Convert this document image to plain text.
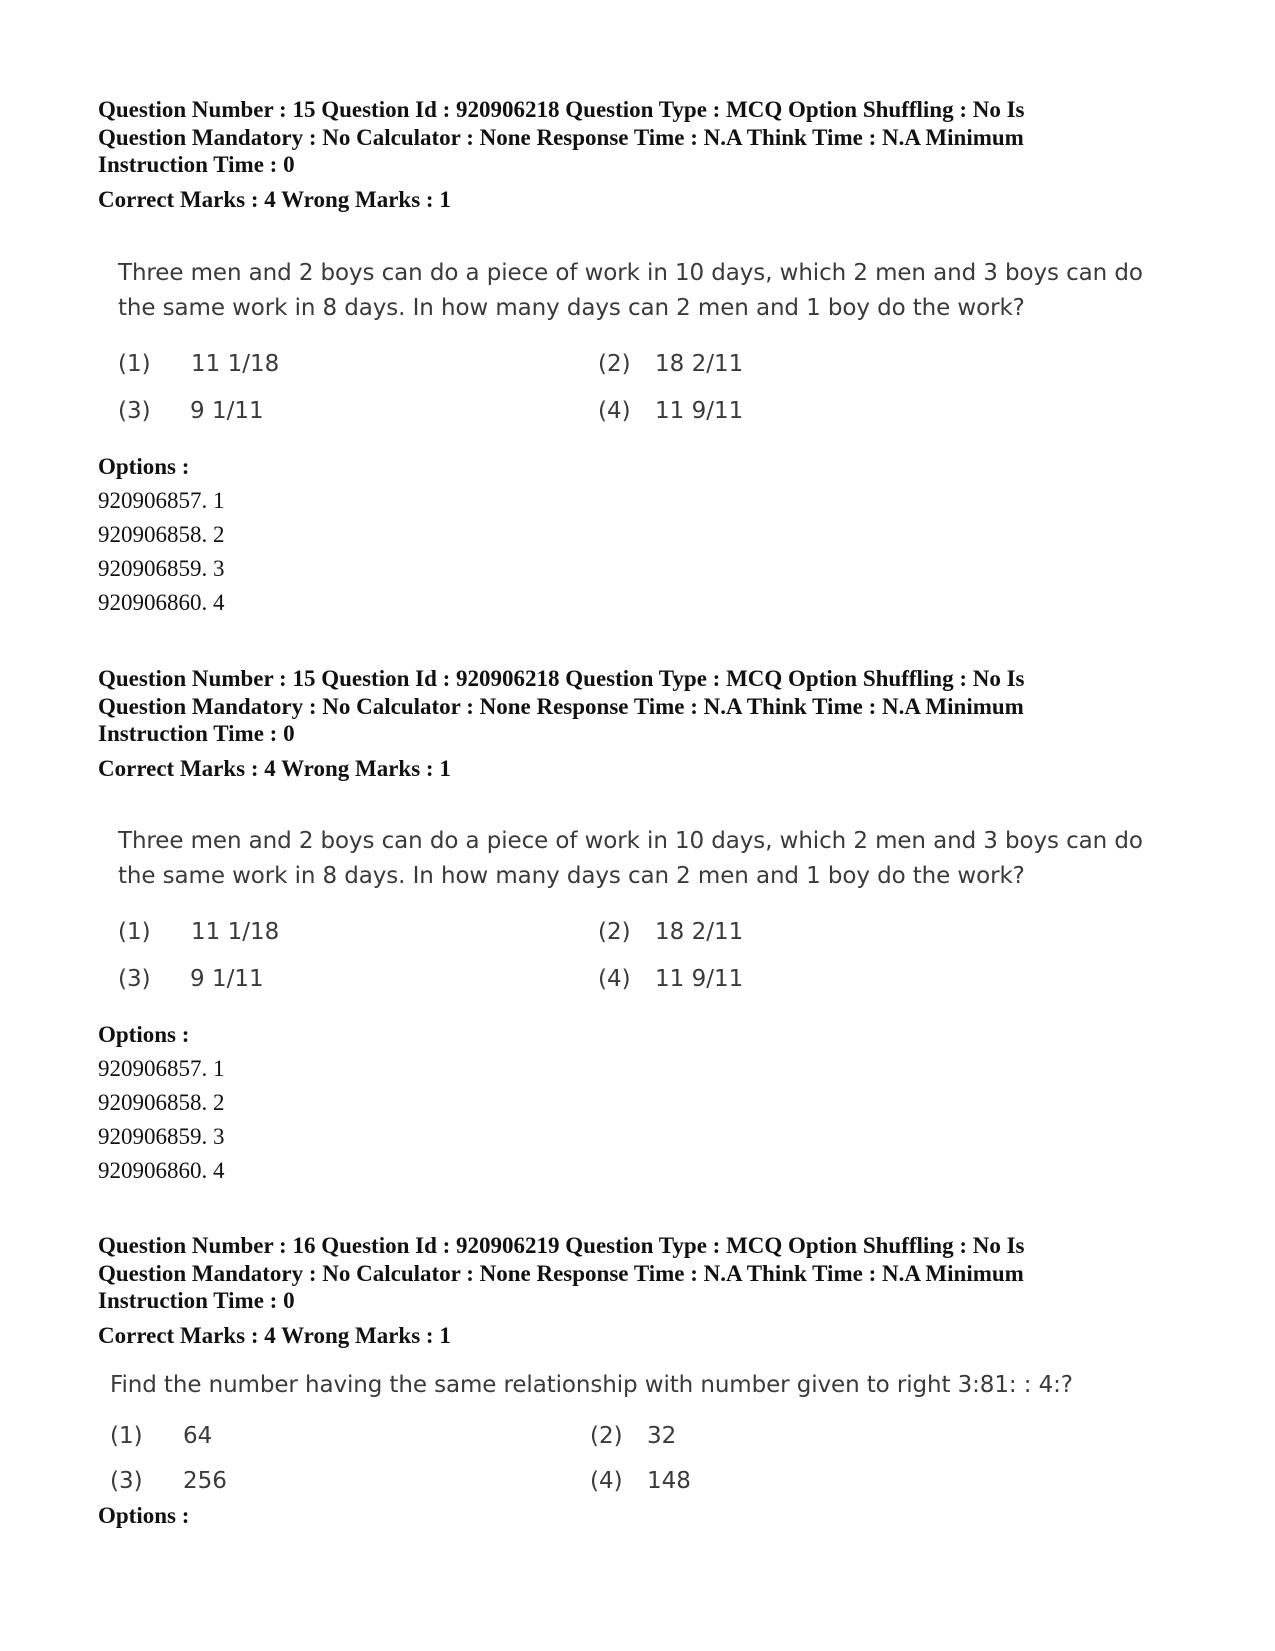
Question Number : 15 Question Id : 920906218 Question Type : MCQ Option Shuffling : No Is
Question Mandatory : No Calculator : None Response Time : N.A Think Time : N.A Minimum
Instruction Time : 0

Correct Marks : 4 Wrong Marks : 1

Three men and 2 boys can do a piece of work in 10 days, which 2 men and 3 boys can do
the same work in 8 days. In how many days can 2 men and 1 boy do the work?

(1) 11 1/18	(2) 18 2/11
(3) 9 1/11	(4) 11 9/11
Options :
920906857. 1
920906858. 2
920906859. 3
920906860. 4

Question Number : 15 Question Id : 920906218 Question Type : MCQ Option Shuffling : No Is
Question Mandatory : No Calculator : None Response Time : N.A Think Time : N.A Minimum
Instruction Time : 0

Correct Marks : 4 Wrong Marks : 1

Three men and 2 boys can do a piece of work in 10 days, which 2 men and 3 boys can do
the same work in 8 days. In how many days can 2 men and 1 boy do the work?

(1) 11 1/18	(2) 18 2/11
(3) 9 1/11	(4) 11 9/11
Options :
920906857. 1
920906858. 2
920906859. 3
920906860. 4

Question Number : 16 Question Id : 920906219 Question Type : MCQ Option Shuffling : No Is
Question Mandatory : No Calculator : None Response Time : N.A Think Time : N.A Minimum
Instruction Time : 0

Correct Marks : 4 Wrong Marks : 1

Find the number having the same relationship with number given to right 3:81: : 4:?

(1) 64	(2) 32
(3) 256	(4) 148
Options :
